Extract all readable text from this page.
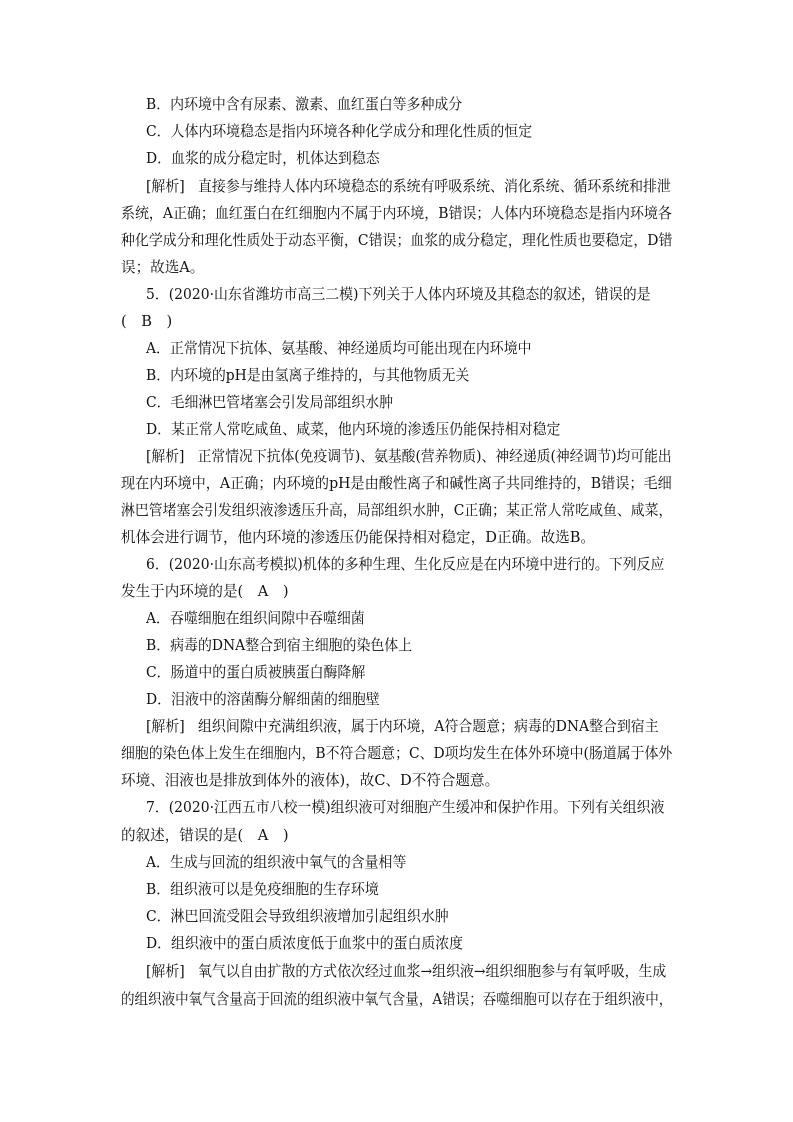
B．内环境中含有尿素、激素、血红蛋白等多种成分
C．人体内环境稳态是指内环境各种化学成分和理化性质的恒定
D．血浆的成分稳定时，机体达到稳态
[解析] 直接参与维持人体内环境稳态的系统有呼吸系统、消化系统、循环系统和排泄
系统，A正确；血红蛋白在红细胞内不属于内环境，B错误；人体内环境稳态是指内环境各
种化学成分和理化性质处于动态平衡，C错误；血浆的成分稳定，理化性质也要稳定，D错
误；故选A。
5．(2020·山东省潍坊市高三二模)下列关于人体内环境及其稳态的叙述，错误的是
(　B　)
A．正常情况下抗体、氨基酸、神经递质均可能出现在内环境中
B．内环境的pH是由氢离子维持的，与其他物质无关
C．毛细淋巴管堵塞会引发局部组织水肿
D．某正常人常吃咸鱼、咸菜，他内环境的渗透压仍能保持相对稳定
[解析] 正常情况下抗体(免疫调节)、氨基酸(营养物质)、神经递质(神经调节)均可能出
现在内环境中，A正确；内环境的pH是由酸性离子和碱性离子共同维持的，B错误；毛细
淋巴管堵塞会引发组织液渗透压升高，局部组织水肿，C正确；某正常人常吃咸鱼、咸菜，
机体会进行调节，他内环境的渗透压仍能保持相对稳定，D正确。故选B。
6．(2020·山东高考模拟)机体的多种生理、生化反应是在内环境中进行的。下列反应
发生于内环境的是(　A　)
A．吞噬细胞在组织间隙中吞噬细菌
B．病毒的DNA整合到宿主细胞的染色体上
C．肠道中的蛋白质被胰蛋白酶降解
D．泪液中的溶菌酶分解细菌的细胞壁
[解析] 组织间隙中充满组织液，属于内环境，A符合题意；病毒的DNA整合到宿主
细胞的染色体上发生在细胞内，B不符合题意；C、D项均发生在体外环境中(肠道属于体外
环境、泪液也是排放到体外的液体)，故C、D不符合题意。
7．(2020·江西五市八校一模)组织液可对细胞产生缓冲和保护作用。下列有关组织液
的叙述，错误的是(　A　)
A．生成与回流的组织液中氧气的含量相等
B．组织液可以是免疫细胞的生存环境
C．淋巴回流受阻会导致组织液增加引起组织水肿
D．组织液中的蛋白质浓度低于血浆中的蛋白质浓度
[解析] 氧气以自由扩散的方式依次经过血浆→组织液→组织细胞参与有氧呼吸，生成
的组织液中氧气含量高于回流的组织液中氧气含量，A错误；吞噬细胞可以存在于组织液中，
